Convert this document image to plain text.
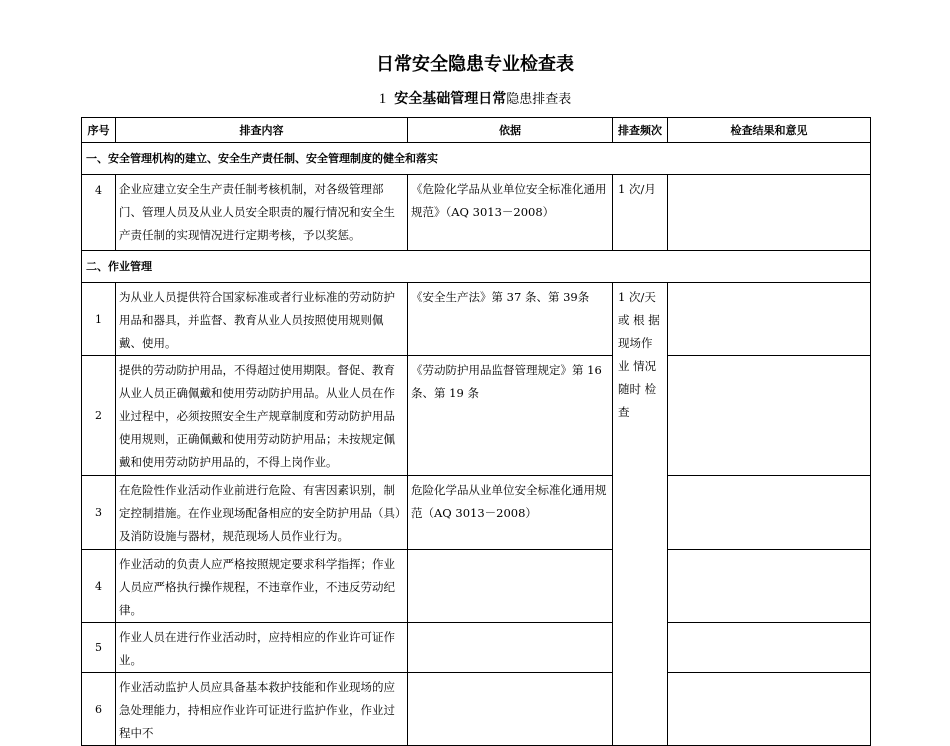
日常安全隐患专业检查表
1 安全基础管理日常隐患排查表
序号	排查内容	依据	排查频次	检查结果和意见
一、安全管理机构的建立、安全生产责任制、安全管理制度的健全和落实				
4	企业应建立安全生产责任制考核机制，对各级管理部门、管理人员及从业人员安全职责的履行情况和安全生产责任制的实现情况进行定期考核，予以奖惩。	《危险化学品从业单位安全标准化通用规范》（AQ 3013－2008）	1 次/月	
二、作业管理				
1	为从业人员提供符合国家标准或者行业标准的劳动防护用品和器具，并监督、教育从业人员按照使用规则佩戴、使用。	《安全生产法》第 37 条、第 39条	1 次/天 或 根 据 现场作业 情况随时 检查	
2	提供的劳动防护用品，不得超过使用期限。督促、教育从业人员正确佩戴和使用劳动防护用品。从业人员在作业过程中，必须按照安全生产规章制度和劳动防护用品使用规则，正确佩戴和使用劳动防护用品；未按规定佩戴和使用劳动防护用品的，不得上岗作业。	《劳动防护用品监督管理规定》第 16 条、第 19 条		
3	在危险性作业活动作业前进行危险、有害因素识别，制定控制措施。在作业现场配备相应的安全防护用品（具）及消防设施与器材，规范现场人员作业行为。	危险化学品从业单位安全标准化通用规范（AQ 3013－2008）		
4	作业活动的负责人应严格按照规定要求科学指挥；作业人员应严格执行操作规程，不违章作业，不违反劳动纪律。			
5	作业人员在进行作业活动时，应持相应的作业许可证作业。			
6	作业活动监护人员应具备基本救护技能和作业现场的应急处理能力，持相应作业许可证进行监护作业，作业过程中不			
